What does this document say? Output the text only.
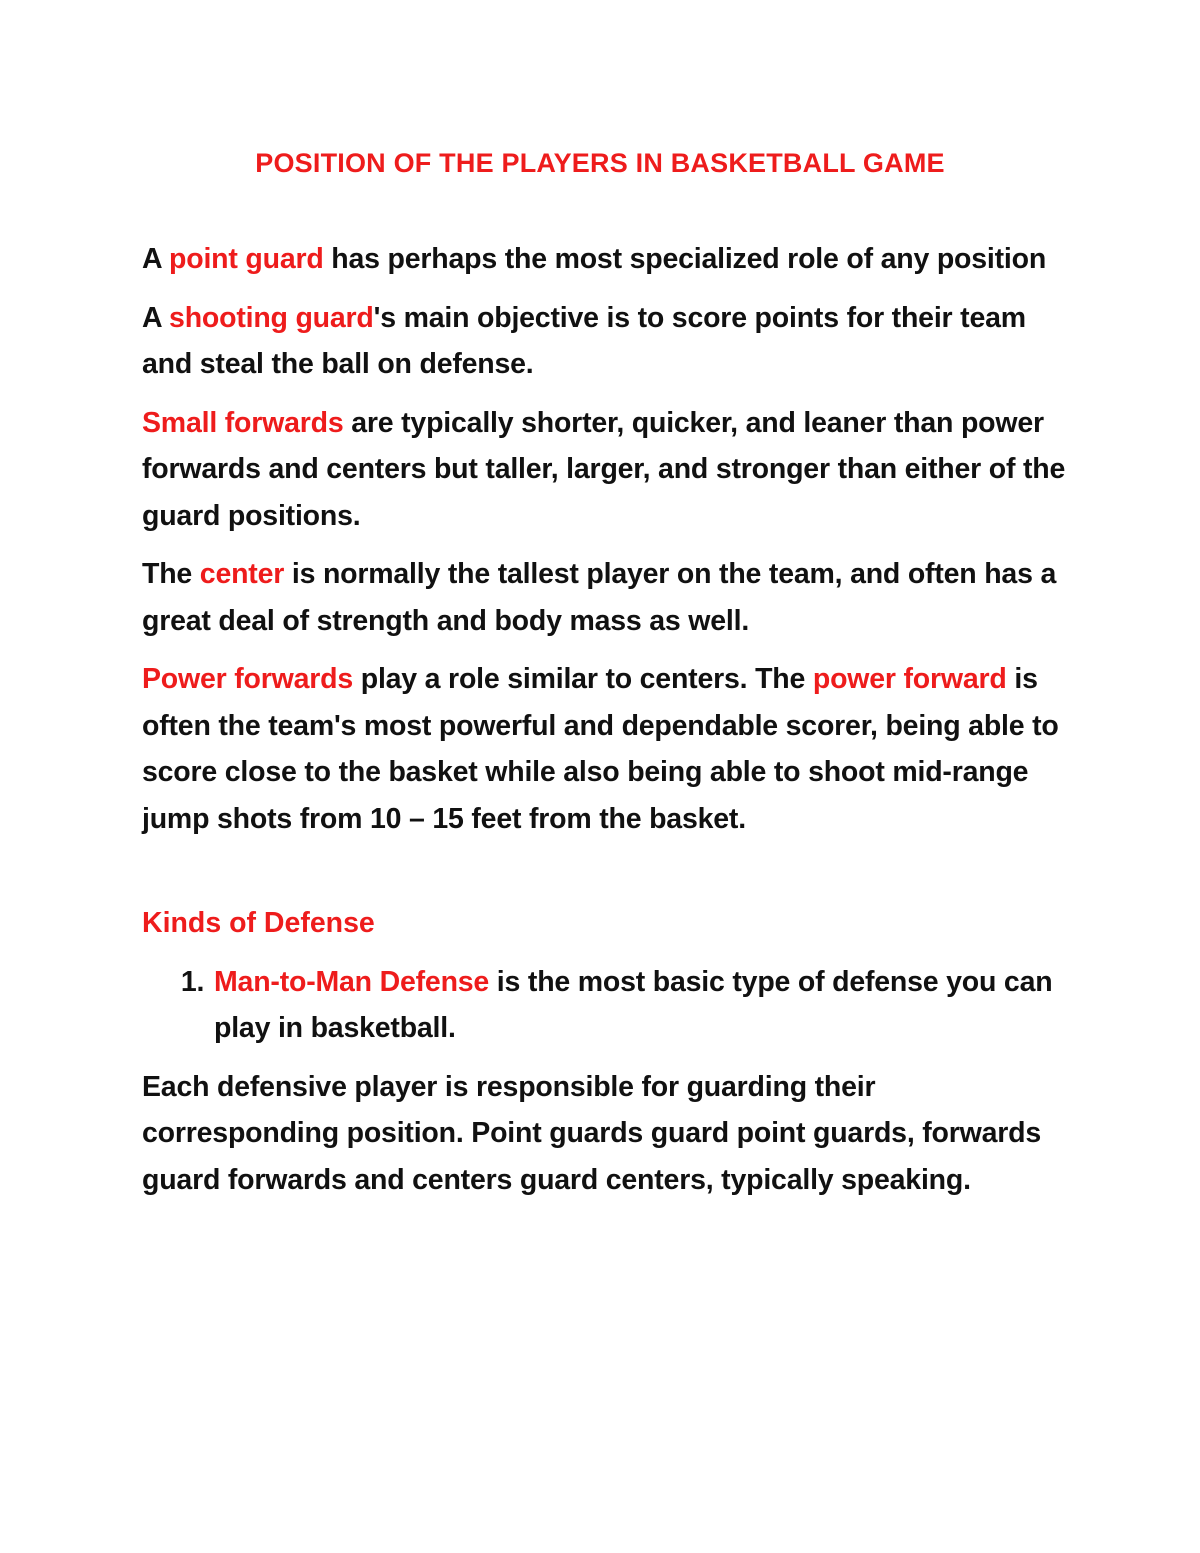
POSITION OF THE PLAYERS IN BASKETBALL GAME

A point guard has perhaps the most specialized role of any position

A shooting guard's main objective is to score points for their team and steal the ball on defense.

Small forwards are typically shorter, quicker, and leaner than power forwards and centers but taller, larger, and stronger than either of the guard positions.

The center is normally the tallest player on the team, and often has a great deal of strength and body mass as well.

Power forwards play a role similar to centers. The power forward is often the team's most powerful and dependable scorer, being able to score close to the basket while also being able to shoot mid-range jump shots from 10 – 15 feet from the basket.

Kinds of Defense
1. Man-to-Man Defense is the most basic type of defense you can play in basketball.

Each defensive player is responsible for guarding their corresponding position. Point guards guard point guards, forwards guard forwards and centers guard centers, typically speaking.
